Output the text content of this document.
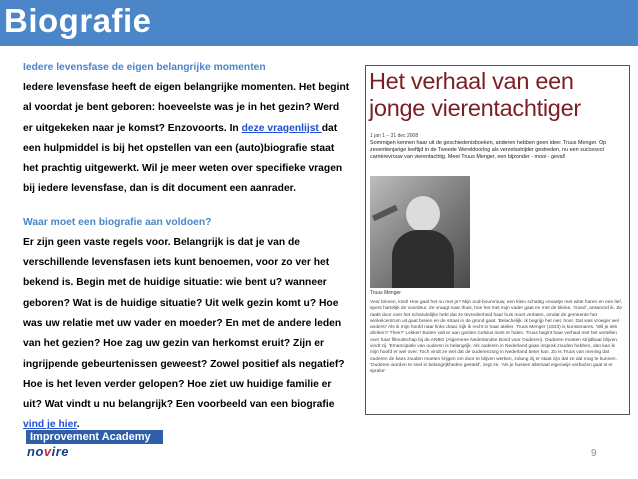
Biografie

Iedere levensfase de eigen belangrijke momenten

Iedere levensfase heeft de eigen belangrijke momenten. Het begint

al voordat je bent geboren: hoeveelste was je in het gezin? Werd

er uitgekeken naar je komst? Enzovoorts. In deze vragenlijst dat

een hulpmiddel is bij het opstellen van een (auto)biografie staat

het prachtig uitgewerkt. Wil je meer weten over specifieke vragen

bij iedere levensfase, dan is dit document een aanrader.

Waar moet een biografie aan voldoen?

Er zijn geen vaste regels voor. Belangrijk is dat je van de

verschillende levensfasen iets kunt benoemen, voor zo ver het

bekend is. Begin met de huidige situatie: wie bent u? wanneer

geboren? Wat is de huidige situatie? Uit welk gezin komt u? Hoe

was uw relatie met uw vader en moeder? En met de andere leden

van het gezien? Hoe zag uw gezin van herkomst eruit? Zijn er

ingrijpende gebeurtenissen geweest? Zowel positief als negatief?

Hoe is het leven verder gelopen? Hoe ziet uw huidige familie er

uit? Wat vindt u nu belangrijk? Een voorbeeld van een biografie

vind je hier.

Het verhaal van een
jonge vierentachtiger
1 jan 1 – 31 dec 2008
Sommigen kennen haar uit de geschiedenisboeken, anderen hebben geen idee: Truus Menger. Op zeventienjarige leeftijd in de Tweede Wereldoorlog als verzetsstrijder gestreden, nu een succesvol carrièrevrouw van vierentachtig. Meet Truus Menger, een bijzonder - mooi - geval!
Truus Menger
Voor binnen, kind! Hoe gaat het nu met je? Mijn oud-bourvrouw, een klein schattig vrouwtje met witte haren en een lief, spent hartelijk de voordeur. Ze vraagt naar thuis, hoe het met mijn vader gaat en met de kleine, 'Goed', antwoord ik. Ze raakt door over het schandelijke hebt dat ze tevredenheid haar huis moet verlaten, omdat de gemeente het winkelcentrum uit gaat breien en de straat in de grond gaat. 'Belachelijk. Ik begrijp het niet, hoor. Dat was vroeger wel anders!' Als ik mijn hoofd naar links draai, kijk ik recht in haar atelier. Truus Menger (1923) is kunstenares. 'Wil je iets drinken? Thee?' Lekker! Buiten valt er aan gorden Celsius niets te halen. Truus begint haar verhaal met het vertellen over haar filmuitschap bij de ANBO (Algemene Nederlandse Bond voor Ouderen). Ouderen moeten strijdbaar blijven, vindt zij. 'Emancipatie van ouderen is belangrijk. Als ouderen in Nederland gaan insprak zouden hebben, dan kan ik mijn hoofd er wel over. Toch vindt ze wel dat de ouderenzorg in Nederland beter kan. Zo is Truus van mening dat ouderen de kans zouden moeten krijgen om door te blijven werken, zolang zij er staat zijn dat ze dat mog te kunnen. 'Ouderen worden te snel in belangrijkheden gesteld', zegt ze. 'Als je hussen allemaal eigenwijs verbazen gaat is er sprake'
Improvement Academy
novire	9
